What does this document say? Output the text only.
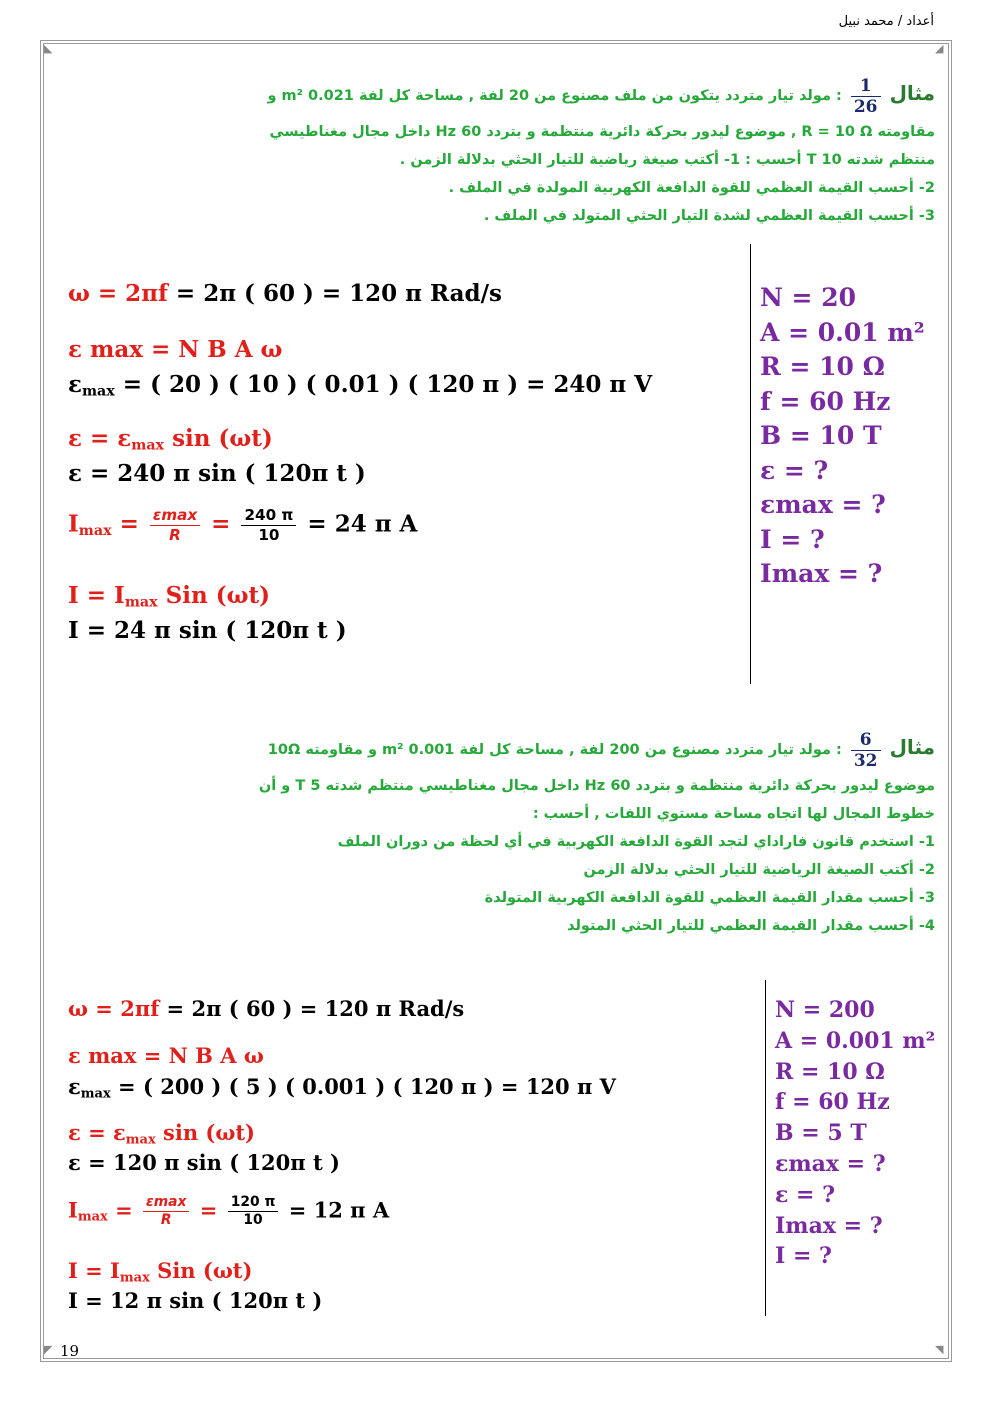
أعداد / محمد نبيل
◣	◢
◤	◥
19
مثال
$\frac{1}{26}$
: مولد تيار متردد يتكون من ملف مصنوع من 20 لفة , مساحة كل لفة 0.021 m² و
مقاومته R = 10 Ω , موضوع ليدور بحركة دائرية منتظمة و بتردد 60 Hz داخل مجال مغناطيسي
منتظم شدته 10 T أحسب : 1- أكتب صيغة رياضية للتيار الحثي بدلالة الزمن .
2- أحسب القيمة العظمي للقوة الدافعة الكهربية المولدة في الملف .
3- أحسب القيمة العظمي لشدة التيار الحثي المتولد في الملف .
ω = 2πf = 2π ( 60 ) = 120 π Rad/s
ε max = N B A ω
$\varepsilon_{max}$ = ( 20 ) ( 10 ) ( 0.01 ) ( 120 π ) = 240 π V
$\varepsilon = \varepsilon_{max}$ sin (ωt)
ε = 240 π sin ( 120π t )
$I_{max} = \varepsilon\max$
$R = \frac{240 \pi}{10} = 24$ π A
$I = I_{max}$ Sin (ωt)
I = 24 π sin ( 120π t )
N = 20
A = 0.01 m²
R = 10 Ω
f = 60 Hz
B = 10 T
ε = ?
εmax = ?
I = ?
Imax = ?
مثال
$\frac{6}{32}$
: مولد تيار متردد مصنوع من 200 لفة , مساحة كل لفة 0.001 m² و مقاومته 10Ω
موضوع ليدور بحركة دائرية منتظمة و بتردد 60 Hz داخل مجال مغناطيسي منتظم شدته 5 T و أن
خطوط المجال لها اتجاه مساحة مستوي اللفات , أحسب :
1- استخدم قانون فاراداي لتجد القوة الدافعة الكهربية في أي لحظة من دوران الملف
2- أكتب الصيغة الرياضية للتيار الحثي بدلالة الزمن
3- أحسب مقدار القيمة العظمي للقوة الدافعة الكهربية المتولدة
4- أحسب مقدار القيمة العظمي للتيار الحثي المتولد
ω = 2πf = 2π ( 60 ) = 120 π Rad/s
ε max = N B A ω
$\varepsilon_{max}$ = ( 200 ) ( 5 ) ( 0.001 ) ( 120 π ) = 120 π V
$\varepsilon = \varepsilon_{max}$ sin (ωt)
ε = 120 π sin ( 120π t )
$I_{max} = \varepsilon\max$
$R = \frac{120 \pi}{10} = 12$ π A
$I = I_{max}$ Sin (ωt)
I = 12 π sin ( 120π t )
N = 200
A = 0.001 m²
R = 10 Ω
f = 60 Hz
B = 5 T
εmax = ?
ε = ?
Imax = ?
I = ?
